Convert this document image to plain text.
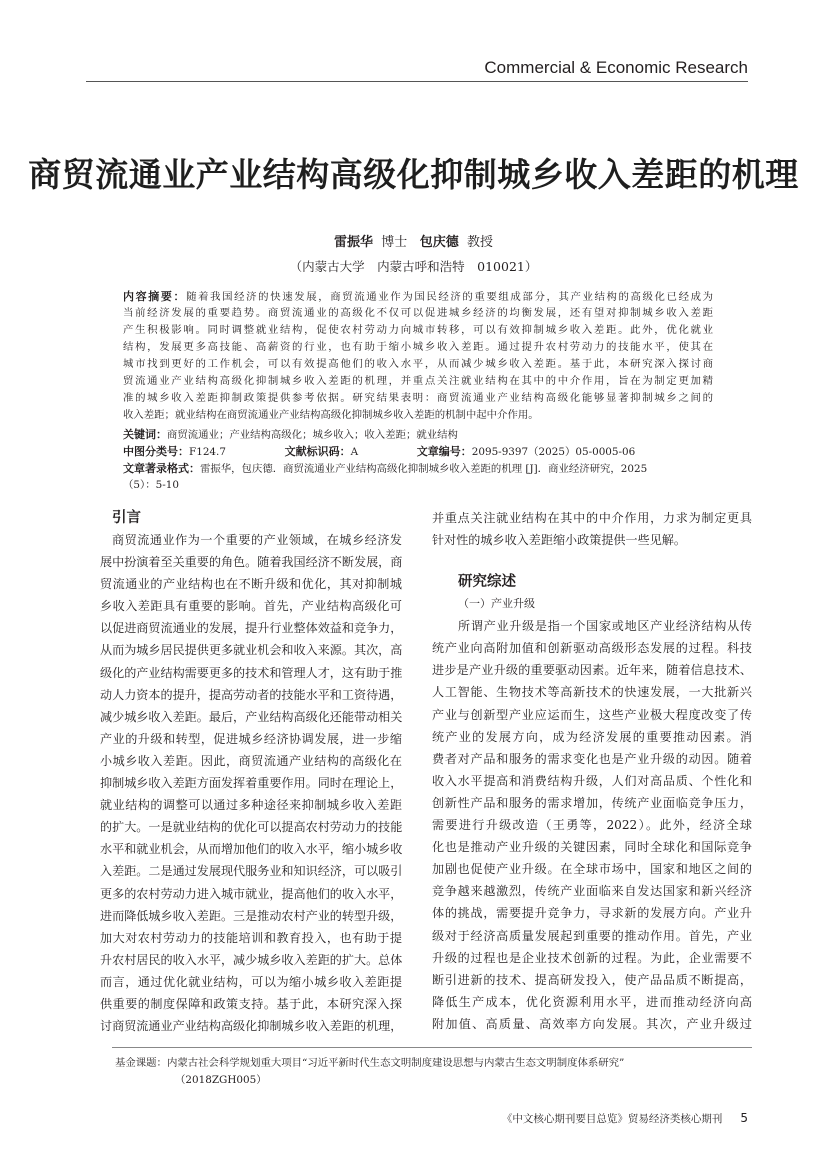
Commercial & Economic Research
商贸流通业产业结构高级化抑制城乡收入差距的机理
雷振华 博士 包庆德 教授
（内蒙古大学　内蒙古呼和浩特　010021）
内容摘要：随着我国经济的快速发展，商贸流通业作为国民经济的重要组成部分，其产业结构的高级化已经成为
当前经济发展的重要趋势。商贸流通业的高级化不仅可以促进城乡经济的均衡发展，还有望对抑制城乡收入差距
产生积极影响。同时调整就业结构，促使农村劳动力向城市转移，可以有效抑制城乡收入差距。此外，优化就业
结构，发展更多高技能、高薪资的行业，也有助于缩小城乡收入差距。通过提升农村劳动力的技能水平，使其在
城市找到更好的工作机会，可以有效提高他们的收入水平，从而减少城乡收入差距。基于此，本研究深入探讨商
贸流通业产业结构高级化抑制城乡收入差距的机理，并重点关注就业结构在其中的中介作用，旨在为制定更加精
准的城乡收入差距抑制政策提供参考依据。研究结果表明：商贸流通业产业结构高级化能够显著抑制城乡之间的
收入差距；就业结构在商贸流通业产业结构高级化抑制城乡收入差距的机制中起中介作用。
关键词：商贸流通业；产业结构高级化；城乡收入；收入差距；就业结构
中图分类号：F124.7	文献标识码：A	文章编号：2095-9397（2025）05-0005-06
文章著录格式：雷振华，包庆德．商贸流通业产业结构高级化抑制城乡收入差距的机理 [J]．商业经济研究，2025
（5）：5-10
引言
商贸流通业作为一个重要的产业领域，在城乡经济发
展中扮演着至关重要的角色。随着我国经济不断发展，商
贸流通业的产业结构也在不断升级和优化，其对抑制城
乡收入差距具有重要的影响。首先，产业结构高级化可
以促进商贸流通业的发展，提升行业整体效益和竞争力，
从而为城乡居民提供更多就业机会和收入来源。其次，高
级化的产业结构需要更多的技术和管理人才，这有助于推
动人力资本的提升，提高劳动者的技能水平和工资待遇，
减少城乡收入差距。最后，产业结构高级化还能带动相关
产业的升级和转型，促进城乡经济协调发展，进一步缩
小城乡收入差距。因此，商贸流通产业结构的高级化在
抑制城乡收入差距方面发挥着重要作用。同时在理论上，
就业结构的调整可以通过多种途径来抑制城乡收入差距
的扩大。一是就业结构的优化可以提高农村劳动力的技能
水平和就业机会，从而增加他们的收入水平，缩小城乡收
入差距。二是通过发展现代服务业和知识经济，可以吸引
更多的农村劳动力进入城市就业，提高他们的收入水平，
进而降低城乡收入差距。三是推动农村产业的转型升级，
加大对农村劳动力的技能培训和教育投入，也有助于提
升农村居民的收入水平，减少城乡收入差距的扩大。总体
而言，通过优化就业结构，可以为缩小城乡收入差距提
供重要的制度保障和政策支持。基于此，本研究深入探
讨商贸流通业产业结构高级化抑制城乡收入差距的机理，
并重点关注就业结构在其中的中介作用，力求为制定更具
针对性的城乡收入差距缩小政策提供一些见解。
研究综述
（一）产业升级
所谓产业升级是指一个国家或地区产业经济结构从传
统产业向高附加值和创新驱动高级形态发展的过程。科技
进步是产业升级的重要驱动因素。近年来，随着信息技术、
人工智能、生物技术等高新技术的快速发展，一大批新兴
产业与创新型产业应运而生，这些产业极大程度改变了传
统产业的发展方向，成为经济发展的重要推动因素。消
费者对产品和服务的需求变化也是产业升级的动因。随着
收入水平提高和消费结构升级，人们对高品质、个性化和
创新性产品和服务的需求增加，传统产业面临竞争压力，
需要进行升级改造（王勇等，2022）。此外，经济全球
化也是推动产业升级的关键因素，同时全球化和国际竞争
加剧也促使产业升级。在全球市场中，国家和地区之间的
竞争越来越激烈，传统产业面临来自发达国家和新兴经济
体的挑战，需要提升竞争力，寻求新的发展方向。产业升
级对于经济高质量发展起到重要的推动作用。首先，产业
升级的过程也是企业技术创新的过程。为此，企业需要不
断引进新的技术、提高研发投入，使产品品质不断提高，
降低生产成本，优化资源利用水平，进而推动经济向高
附加值、高质量、高效率方向发展。其次，产业升级过
基金课题：内蒙古社会科学规划重大项目“习近平新时代生态文明制度建设思想与内蒙古生态文明制度体系研究”
（2018ZGH005）
《中文核心期刊要目总览》贸易经济类核心期刊 5
